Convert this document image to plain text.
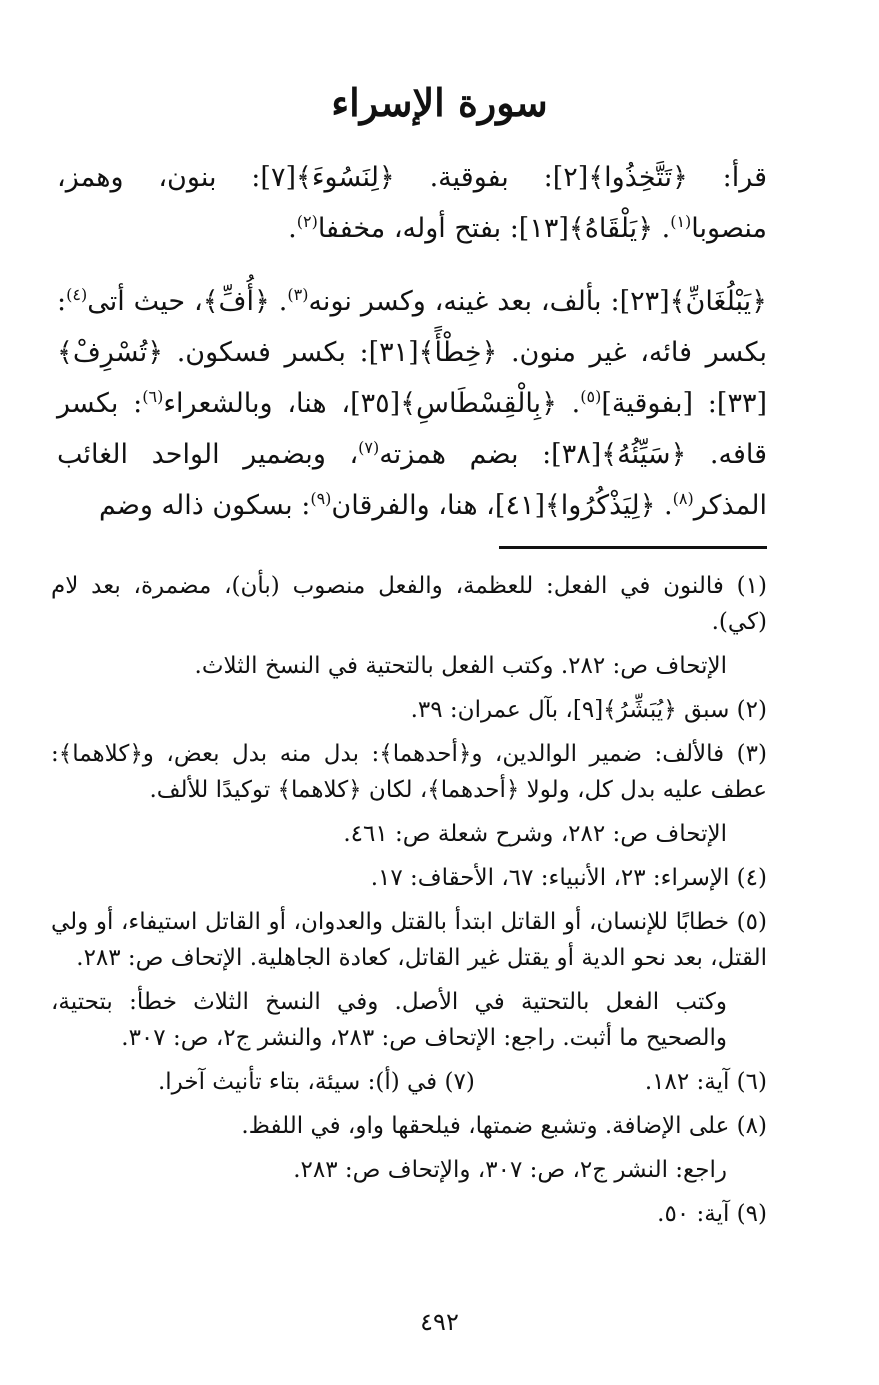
سورة الإسراء
قرأ: ﴿تَتَّخِذُوا﴾[٢]: بفوقية. ﴿لِنَسُوءَ﴾[٧]: بنون، وهمز، منصوبا$^{(١)}$. ﴿يَلْقَاهُ﴾[١٣]: بفتح أوله، مخففا$^{(٢)}$.
﴿يَبْلُغَانِّ﴾[٢٣]: بألف، بعد غينه، وكسر نونه$^{(٣)}$. ﴿أُفِّ﴾، حيث أتى$^{(٤)}$: بكسر فائه، غير منون. ﴿خِطْأً﴾[٣١]: بكسر فسكون. ﴿تُسْرِفْ﴾[٣٣]: [بفوقية]$^{(٥)}$. ﴿بِالْقِسْطَاسِ﴾[٣٥]، هنا، وبالشعراء$^{(٦)}$: بكسر قافه. ﴿سَيِّئُهُ﴾[٣٨]: بضم همزته$^{(٧)}$، وبضمير الواحد الغائب المذكر$^{(٨)}$. ﴿لِيَذْكُرُوا﴾[٤١]، هنا، والفرقان$^{(٩)}$: بسكون ذاله وضم

(١) فالنون في الفعل: للعظمة، والفعل منصوب (بأن)، مضمرة، بعد لام (كي).

الإتحاف ص: ٢٨٢. وكتب الفعل بالتحتية في النسخ الثلاث.

(٢) سبق ﴿يُبَشِّرُ﴾[٩]، بآل عمران: ٣٩.

(٣) فالألف: ضمير الوالدين، و﴿أحدهما﴾: بدل منه بدل بعض، و﴿كلاهما﴾: عطف عليه بدل كل، ولولا ﴿أحدهما﴾، لكان ﴿كلاهما﴾ توكيدًا للألف.

الإتحاف ص: ٢٨٢، وشرح شعلة ص: ٤٦١.

(٤) الإسراء: ٢٣، الأنبياء: ٦٧، الأحقاف: ١٧.

(٥) خطابًا للإنسان، أو القاتل ابتدأ بالقتل والعدوان، أو القاتل استيفاء، أو ولي القتل، بعد نحو الدية أو يقتل غير القاتل، كعادة الجاهلية. الإتحاف ص: ٢٨٣.

وكتب الفعل بالتحتية في الأصل. وفي النسخ الثلاث خطأ: بتحتية، والصحيح ما أثبت. راجع: الإتحاف ص: ٢٨٣، والنشر ج٢، ص: ٣٠٧.

(٦) آية: ١٨٢.
(٧) في (أ): سيئة، بتاء تأنيث آخرا.

(٨) على الإضافة. وتشبع ضمتها، فيلحقها واو، في اللفظ.

راجع: النشر ج٢، ص: ٣٠٧، والإتحاف ص: ٢٨٣.

(٩) آية: ٥٠.

٤٩٢
